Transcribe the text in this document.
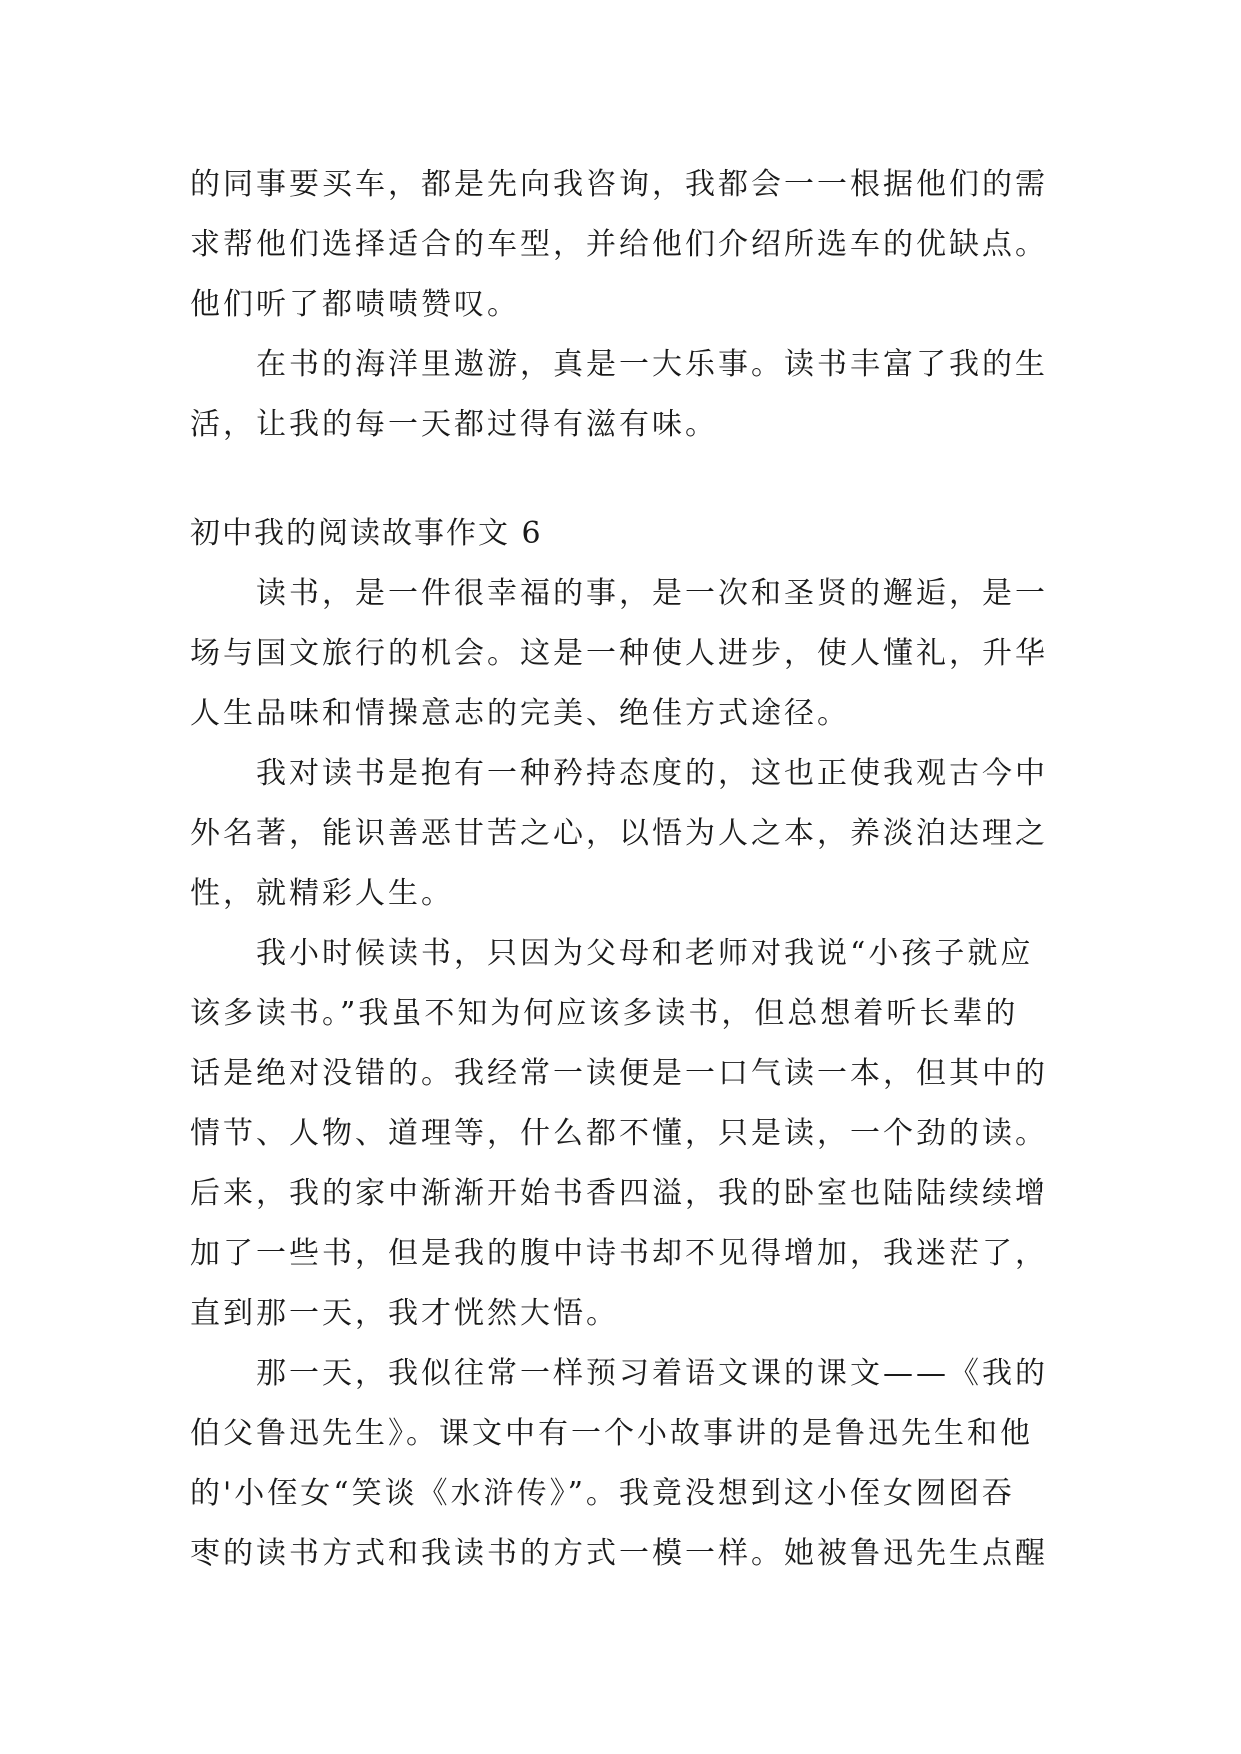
的同事要买车，都是先向我咨询，我都会一一根据他们的需
求帮他们选择适合的车型，并给他们介绍所选车的优缺点。
他们听了都啧啧赞叹。
在书的海洋里遨游，真是一大乐事。读书丰富了我的生
活，让我的每一天都过得有滋有味。
初中我的阅读故事作文 6
读书，是一件很幸福的事，是一次和圣贤的邂逅，是一
场与国文旅行的机会。这是一种使人进步，使人懂礼，升华
人生品味和情操意志的完美、绝佳方式途径。
我对读书是抱有一种矜持态度的，这也正使我观古今中
外名著，能识善恶甘苦之心，以悟为人之本，养淡泊达理之
性，就精彩人生。
我小时候读书，只因为父母和老师对我说“小孩子就应
该多读书。”我虽不知为何应该多读书，但总想着听长辈的
话是绝对没错的。我经常一读便是一口气读一本，但其中的
情节、人物、道理等，什么都不懂，只是读，一个劲的读。
后来，我的家中渐渐开始书香四溢，我的卧室也陆陆续续增
加了一些书，但是我的腹中诗书却不见得增加，我迷茫了，
直到那一天，我才恍然大悟。
那一天，我似往常一样预习着语文课的课文——《我的
伯父鲁迅先生》。课文中有一个小故事讲的是鲁迅先生和他
的'小侄女“笑谈《水浒传》”。我竟没想到这小侄女囫囵吞
枣的读书方式和我读书的方式一模一样。她被鲁迅先生点醒
